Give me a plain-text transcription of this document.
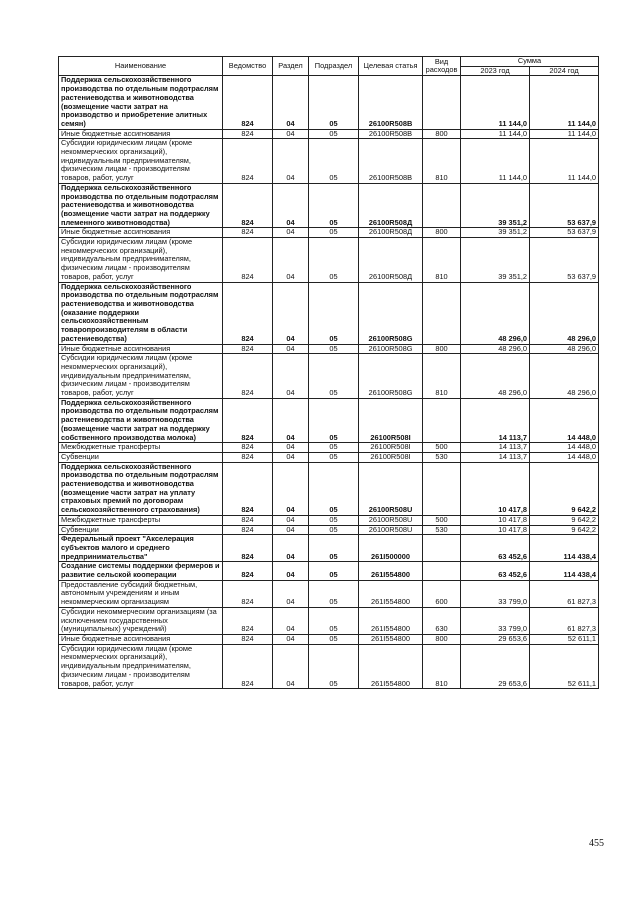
Наименование	Ведомство	Раздел	Подраздел	Целевая статья	Вид расходов	Сумма	
						2023 год	2024 год
Поддержка сельскохозяйственного производства по отдельным подотраслям растениеводства и животноводства (возмещение части затрат на производство и приобретение элитных семян)	824	04	05	26100R508B		11 144,0	11 144,0
Иные бюджетные ассигнования	824	04	05	26100R508B	800	11 144,0	11 144,0
Субсидии юридическим лицам (кроме некоммерческих организаций), индивидуальным предпринимателям, физическим лицам - производителям товаров, работ, услуг	824	04	05	26100R508B	810	11 144,0	11 144,0
Поддержка сельскохозяйственного производства по отдельным подотраслям растениеводства и животноводства (возмещение части затрат на поддержку племенного животноводства)	824	04	05	26100R508Д		39 351,2	53 637,9
Иные бюджетные ассигнования	824	04	05	26100R508Д	800	39 351,2	53 637,9
Субсидии юридическим лицам (кроме некоммерческих организаций), индивидуальным предпринимателям, физическим лицам - производителям товаров, работ, услуг	824	04	05	26100R508Д	810	39 351,2	53 637,9
Поддержка сельскохозяйственного производства по отдельным подотраслям растениеводства и животноводства (оказание поддержки сельскохозяйственным товаропроизводителям в области растениеводства)	824	04	05	26100R508G		48 296,0	48 296,0
Иные бюджетные ассигнования	824	04	05	26100R508G	800	48 296,0	48 296,0
Субсидии юридическим лицам (кроме некоммерческих организаций), индивидуальным предпринимателям, физическим лицам - производителям товаров, работ, услуг	824	04	05	26100R508G	810	48 296,0	48 296,0
Поддержка сельскохозяйственного производства по отдельным подотраслям растениеводства и животноводства (возмещение части затрат на поддержку собственного производства молока)	824	04	05	26100R508I		14 113,7	14 448,0
Межбюджетные трансферты	824	04	05	26100R508I	500	14 113,7	14 448,0
Субвенции	824	04	05	26100R508I	530	14 113,7	14 448,0
Поддержка сельскохозяйственного производства по отдельным подотраслям растениеводства и животноводства (возмещение части затрат на уплату страховых премий по договорам сельскохозяйственного страхования)	824	04	05	26100R508U		10 417,8	9 642,2
Межбюджетные трансферты	824	04	05	26100R508U	500	10 417,8	9 642,2
Субвенции	824	04	05	26100R508U	530	10 417,8	9 642,2
Федеральный проект "Акселерация субъектов малого и среднего предпринимательства"	824	04	05	261I500000		63 452,6	114 438,4
Создание системы поддержки фермеров и развитие сельской кооперации	824	04	05	261I554800		63 452,6	114 438,4
Предоставление субсидий бюджетным, автономным учреждениям и иным некоммерческим организациям	824	04	05	261I554800	600	33 799,0	61 827,3
Субсидии некоммерческим организациям (за исключением государственных (муниципальных) учреждений)	824	04	05	261I554800	630	33 799,0	61 827,3
Иные бюджетные ассигнования	824	04	05	261I554800	800	29 653,6	52 611,1
Субсидии юридическим лицам (кроме некоммерческих организаций), индивидуальным предпринимателям, физическим лицам - производителям товаров, работ, услуг	824	04	05	261I554800	810	29 653,6	52 611,1
455
